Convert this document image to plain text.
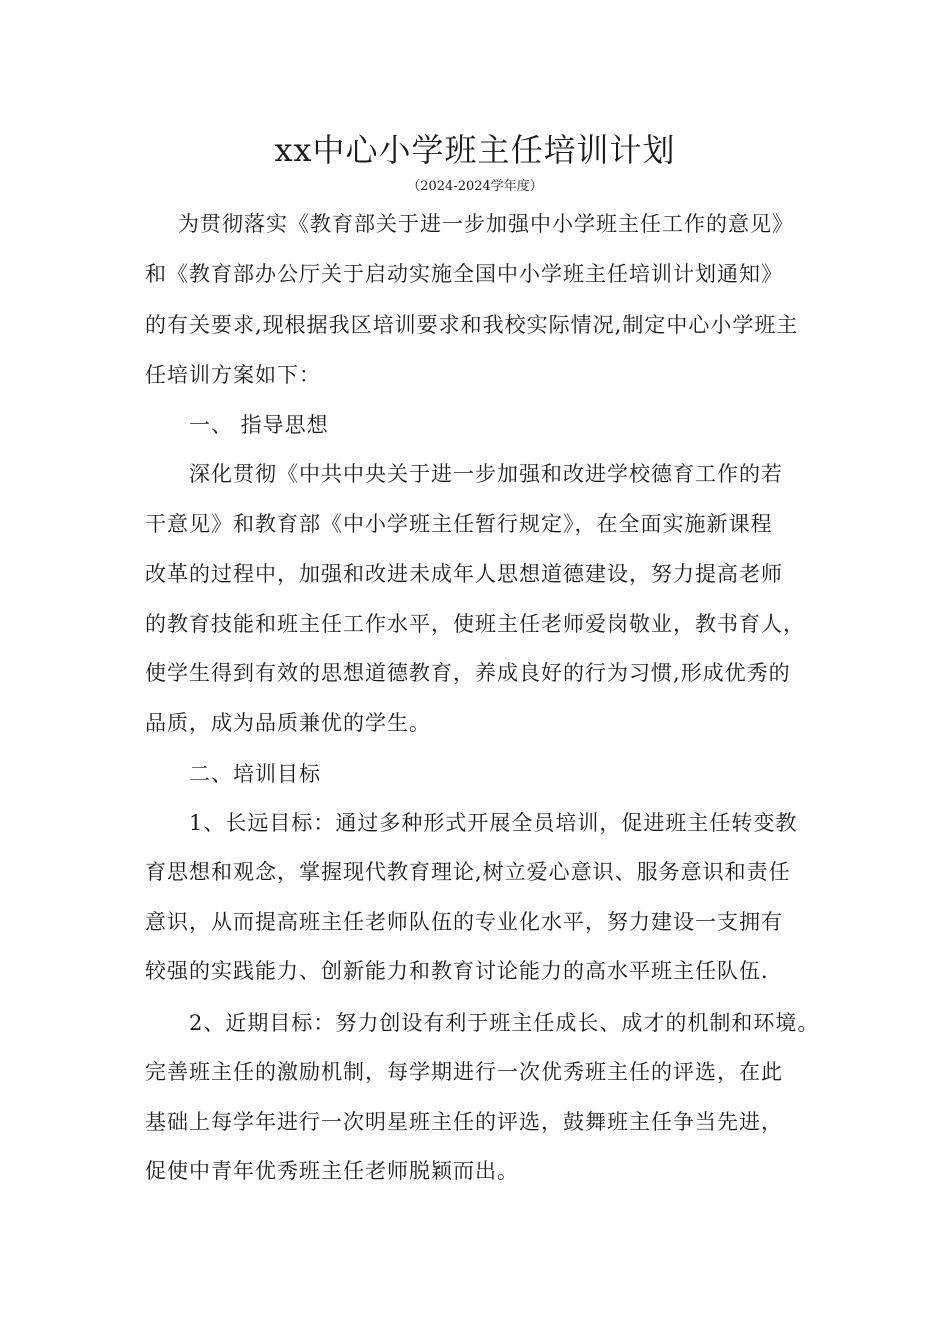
xx中心小学班主任培训计划
（2024-2024学年度）
为贯彻落实《教育部关于进一步加强中小学班主任工作的意见》
和《教育部办公厅关于启动实施全国中小学班主任培训计划通知》
的有关要求,现根据我区培训要求和我校实际情况,制定中心小学班主
任培训方案如下：
一、 指导思想
深化贯彻《中共中央关于进一步加强和改进学校德育工作的若
干意见》和教育部《中小学班主任暂行规定》，在全面实施新课程
改革的过程中，加强和改进未成年人思想道德建设，努力提高老师
的教育技能和班主任工作水平，使班主任老师爱岗敬业，教书育人，
使学生得到有效的思想道德教育，养成良好的行为习惯,形成优秀的
品质，成为品质兼优的学生。
二、培训目标
1、长远目标：通过多种形式开展全员培训，促进班主任转变教
育思想和观念，掌握现代教育理论,树立爱心意识、服务意识和责任
意识，从而提高班主任老师队伍的专业化水平，努力建设一支拥有
较强的实践能力、创新能力和教育讨论能力的高水平班主任队伍.
2、近期目标：努力创设有利于班主任成长、成才的机制和环境。
完善班主任的激励机制，每学期进行一次优秀班主任的评选，在此
基础上每学年进行一次明星班主任的评选，鼓舞班主任争当先进，
促使中青年优秀班主任老师脱颖而出。
